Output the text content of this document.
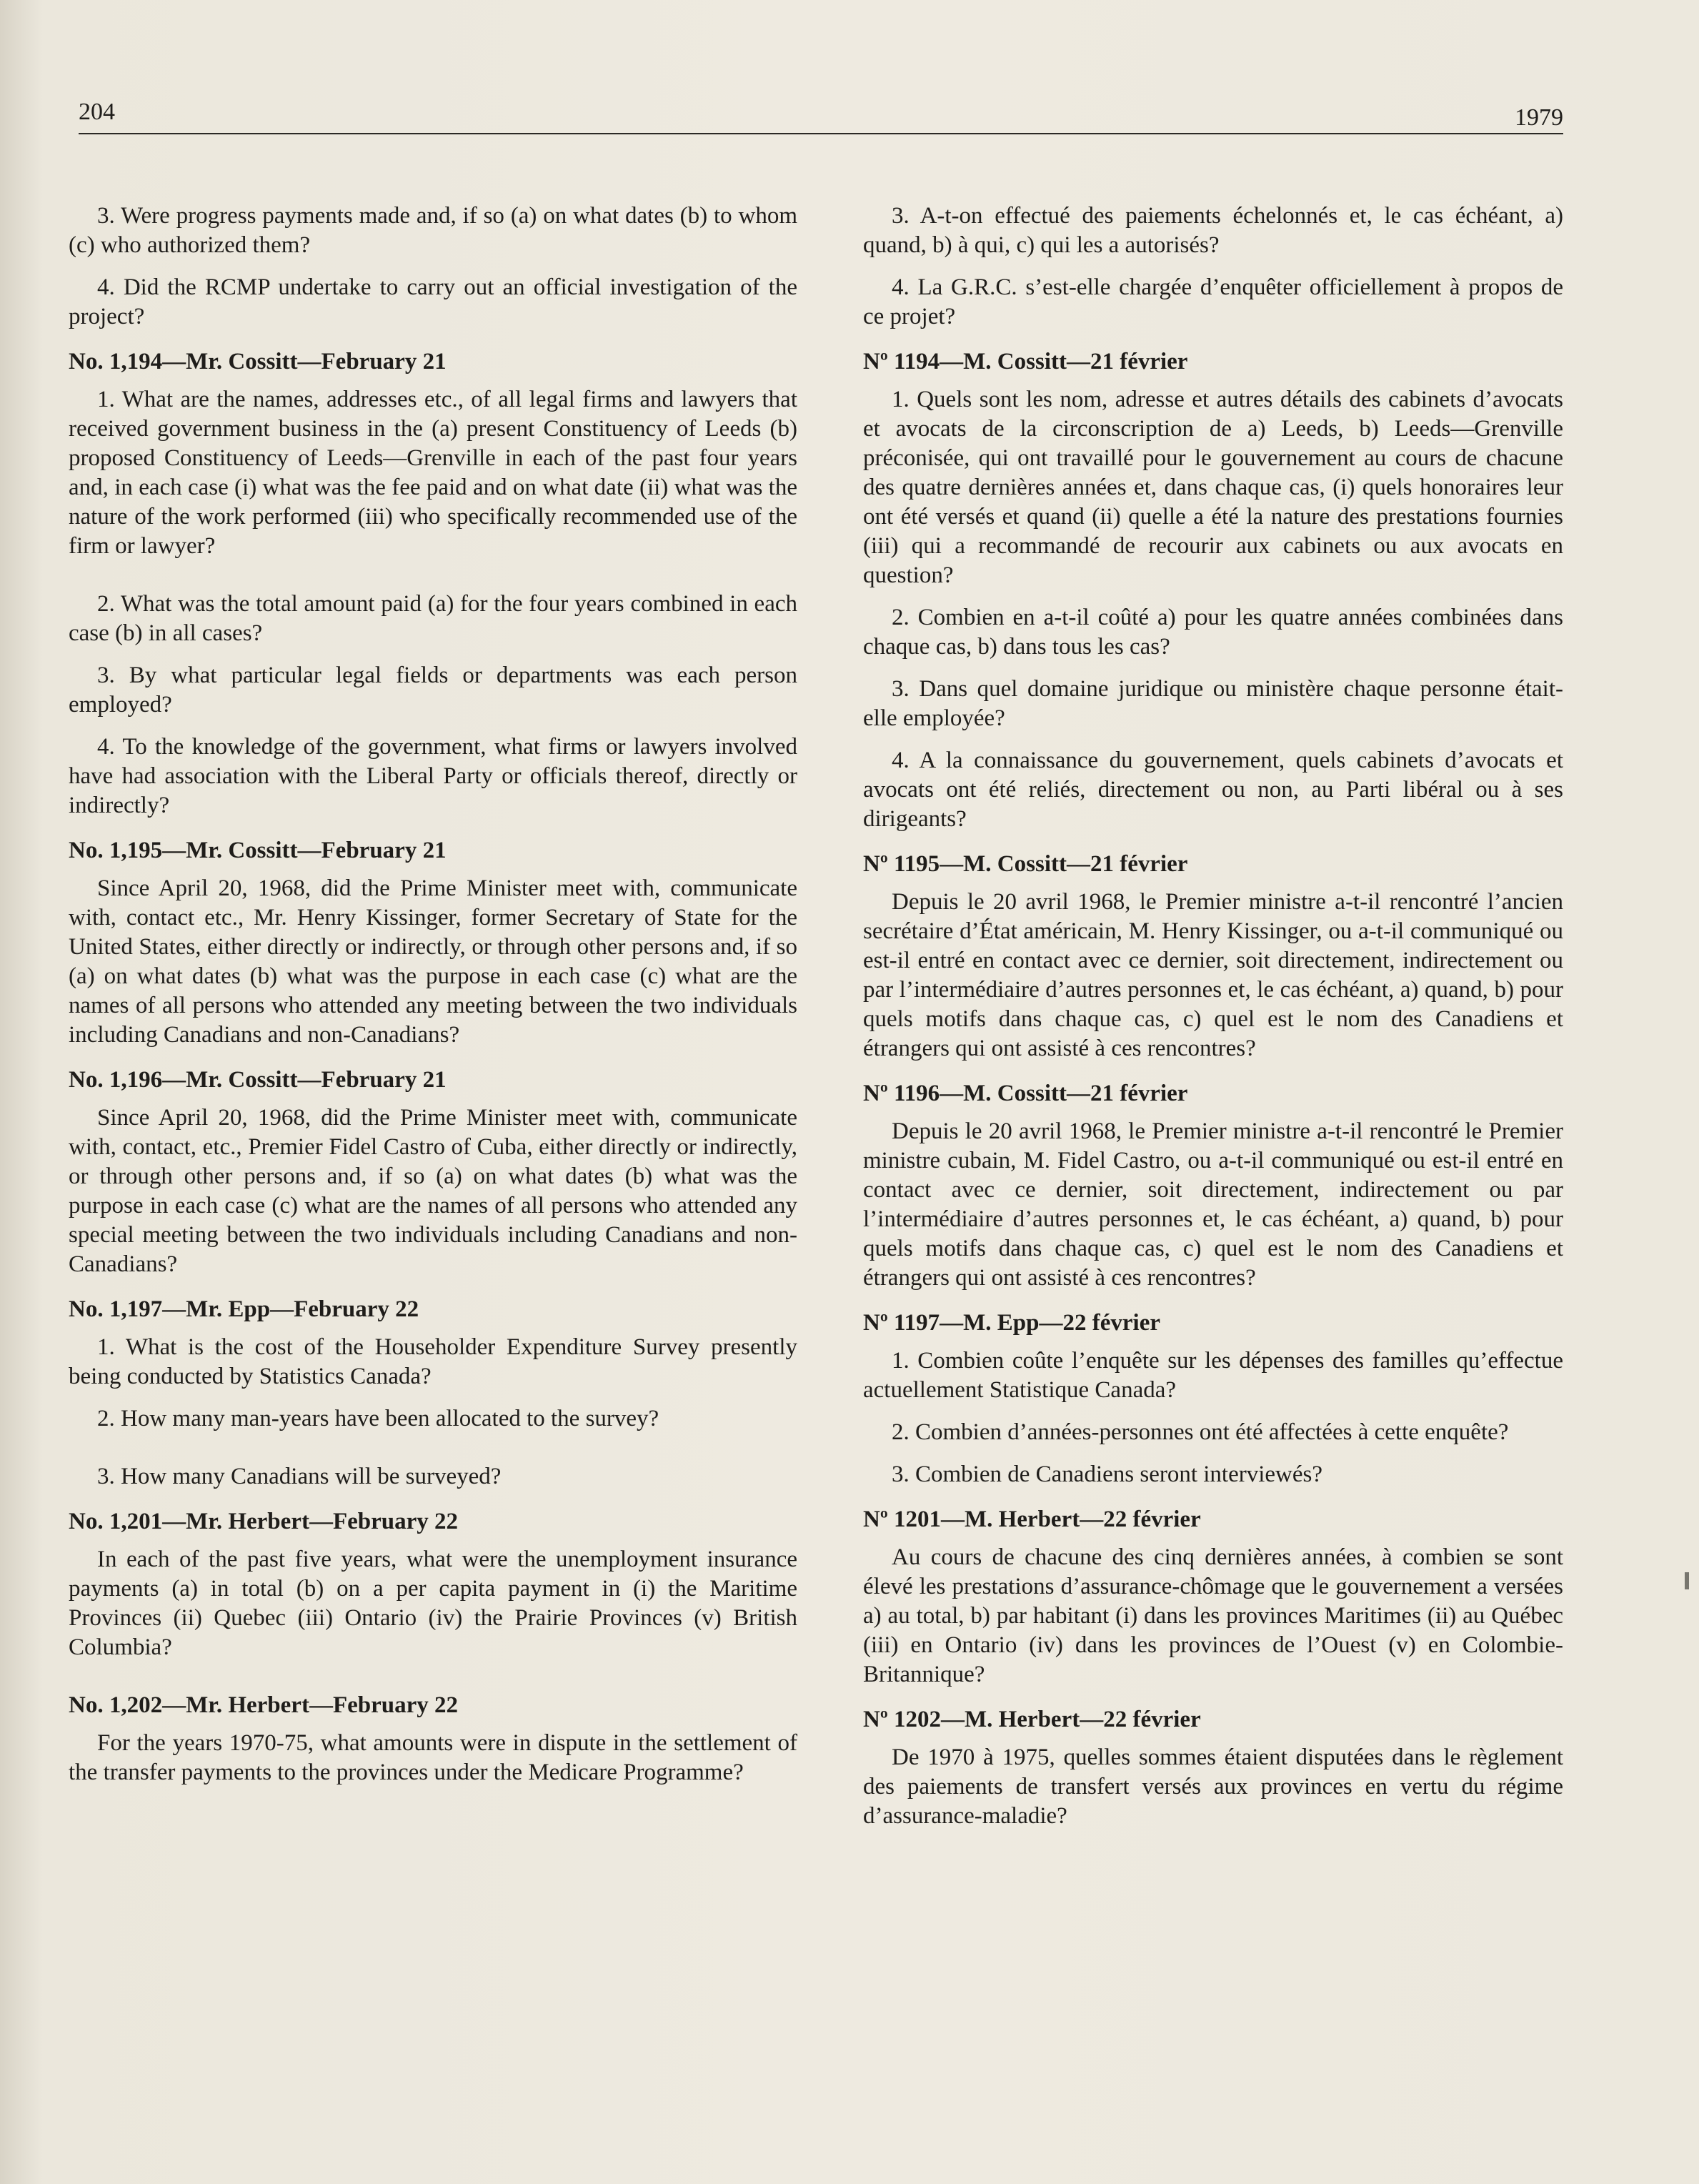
204	1979

3. Were progress payments made and, if so (a) on what dates (b) to whom (c) who authorized them?

4. Did the RCMP undertake to carry out an official investigation of the project?

No. 1,194—Mr. Cossitt—February 21

1. What are the names, addresses etc., of all legal firms and lawyers that received government business in the (a) present Constituency of Leeds (b) proposed Constituency of Leeds—Grenville in each of the past four years and, in each case (i) what was the fee paid and on what date (ii) what was the nature of the work performed (iii) who specifically recommended use of the firm or lawyer?

2. What was the total amount paid (a) for the four years combined in each case (b) in all cases?

3. By what particular legal fields or departments was each person employed?

4. To the knowledge of the government, what firms or lawyers involved have had association with the Liberal Party or officials thereof, directly or indirectly?

No. 1,195—Mr. Cossitt—February 21

Since April 20, 1968, did the Prime Minister meet with, communicate with, contact etc., Mr. Henry Kissinger, former Secretary of State for the United States, either directly or indirectly, or through other persons and, if so (a) on what dates (b) what was the purpose in each case (c) what are the names of all persons who attended any meeting between the two individuals including Canadians and non-Canadians?

No. 1,196—Mr. Cossitt—February 21

Since April 20, 1968, did the Prime Minister meet with, communicate with, contact, etc., Premier Fidel Castro of Cuba, either directly or indirectly, or through other persons and, if so (a) on what dates (b) what was the purpose in each case (c) what are the names of all persons who attended any special meeting between the two individuals including Canadians and non-Canadians?

No. 1,197—Mr. Epp—February 22

1. What is the cost of the Householder Expenditure Survey presently being conducted by Statistics Canada?

2. How many man-years have been allocated to the survey?

3. How many Canadians will be surveyed?

No. 1,201—Mr. Herbert—February 22

In each of the past five years, what were the unemployment insurance payments (a) in total (b) on a per capita payment in (i) the Maritime Provinces (ii) Quebec (iii) Ontario (iv) the Prairie Provinces (v) British Columbia?

No. 1,202—Mr. Herbert—February 22

For the years 1970-75, what amounts were in dispute in the settlement of the transfer payments to the provinces under the Medicare Programme?

3. A-t-on effectué des paiements échelonnés et, le cas échéant, a) quand, b) à qui, c) qui les a autorisés?

4. La G.R.C. s’est-elle chargée d’enquêter officiellement à propos de ce projet?

Nº 1194—M. Cossitt—21 février

1. Quels sont les nom, adresse et autres détails des cabinets d’avocats et avocats de la circonscription de a) Leeds, b) Leeds—Grenville préconisée, qui ont travaillé pour le gouvernement au cours de chacune des quatre dernières années et, dans chaque cas, (i) quels honoraires leur ont été versés et quand (ii) quelle a été la nature des prestations fournies (iii) qui a recommandé de recourir aux cabinets ou aux avocats en question?

2. Combien en a-t-il coûté a) pour les quatre années combinées dans chaque cas, b) dans tous les cas?

3. Dans quel domaine juridique ou ministère chaque personne était-elle employée?

4. A la connaissance du gouvernement, quels cabinets d’avocats et avocats ont été reliés, directement ou non, au Parti libéral ou à ses dirigeants?

Nº 1195—M. Cossitt—21 février

Depuis le 20 avril 1968, le Premier ministre a-t-il rencontré l’ancien secrétaire d’État américain, M. Henry Kissinger, ou a-t-il communiqué ou est-il entré en contact avec ce dernier, soit directement, indirectement ou par l’intermédiaire d’autres personnes et, le cas échéant, a) quand, b) pour quels motifs dans chaque cas, c) quel est le nom des Canadiens et étrangers qui ont assisté à ces rencontres?

Nº 1196—M. Cossitt—21 février

Depuis le 20 avril 1968, le Premier ministre a-t-il rencontré le Premier ministre cubain, M. Fidel Castro, ou a-t-il communiqué ou est-il entré en contact avec ce dernier, soit directement, indirectement ou par l’intermédiaire d’autres personnes et, le cas échéant, a) quand, b) pour quels motifs dans chaque cas, c) quel est le nom des Canadiens et étrangers qui ont assisté à ces rencontres?

Nº 1197—M. Epp—22 février

1. Combien coûte l’enquête sur les dépenses des familles qu’effectue actuellement Statistique Canada?

2. Combien d’années-personnes ont été affectées à cette enquête?

3. Combien de Canadiens seront interviewés?

Nº 1201—M. Herbert—22 février

Au cours de chacune des cinq dernières années, à combien se sont élevé les prestations d’assurance-chômage que le gouvernement a versées a) au total, b) par habitant (i) dans les provinces Maritimes (ii) au Québec (iii) en Ontario (iv) dans les provinces de l’Ouest (v) en Colombie-Britannique?

Nº 1202—M. Herbert—22 février

De 1970 à 1975, quelles sommes étaient disputées dans le règlement des paiements de transfert versés aux provinces en vertu du régime d’assurance-maladie?
